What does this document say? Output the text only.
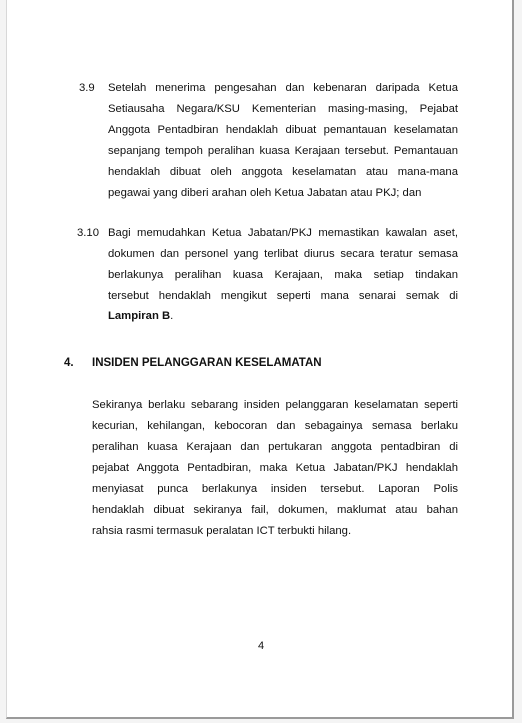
3.9 Setelah menerima pengesahan dan kebenaran daripada Ketua
Setiausaha Negara/KSU Kementerian masing-masing, Pejabat
Anggota Pentadbiran hendaklah dibuat pemantauan keselamatan
sepanjang tempoh peralihan kuasa Kerajaan tersebut. Pemantauan
hendaklah dibuat oleh anggota keselamatan atau mana-mana
pegawai yang diberi arahan oleh Ketua Jabatan atau PKJ; dan
3.10 Bagi memudahkan Ketua Jabatan/PKJ memastikan kawalan aset,
dokumen dan personel yang terlibat diurus secara teratur semasa
berlakunya peralihan kuasa Kerajaan, maka setiap tindakan
tersebut hendaklah mengikut seperti mana senarai semak di
Lampiran B.
4. INSIDEN PELANGGARAN KESELAMATAN
Sekiranya berlaku sebarang insiden pelanggaran keselamatan seperti
kecurian, kehilangan, kebocoran dan sebagainya semasa berlaku
peralihan kuasa Kerajaan dan pertukaran anggota pentadbiran di
pejabat Anggota Pentadbiran, maka Ketua Jabatan/PKJ hendaklah
menyiasat punca berlakunya insiden tersebut. Laporan Polis
hendaklah dibuat sekiranya fail, dokumen, maklumat atau bahan
rahsia rasmi termasuk peralatan ICT terbukti hilang.
4
